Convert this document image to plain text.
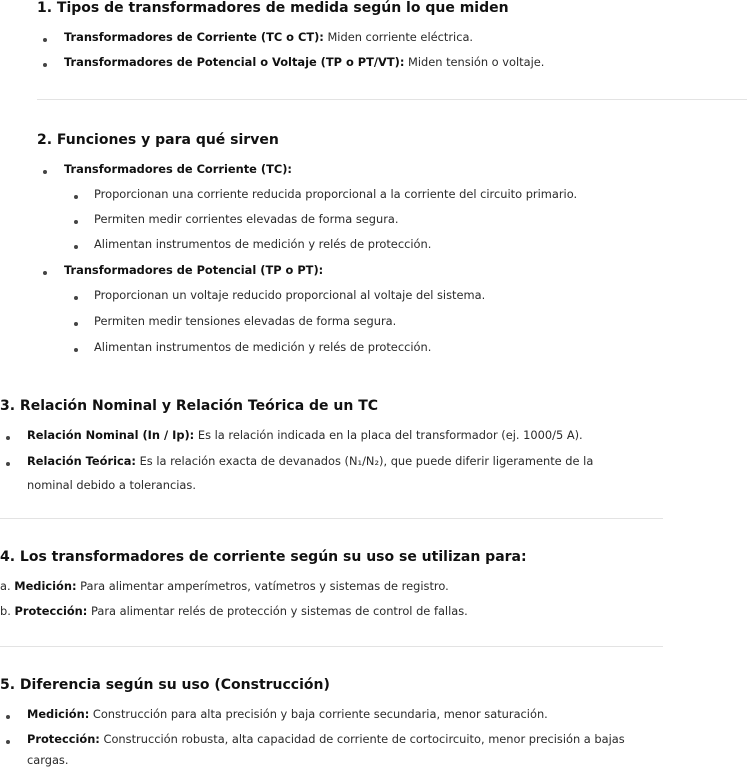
1. Tipos de transformadores de medida según lo que miden
Transformadores de Corriente (TC o CT): Miden corriente eléctrica.
Transformadores de Potencial o Voltaje (TP o PT/VT): Miden tensión o voltaje.
2. Funciones y para qué sirven
Transformadores de Corriente (TC):
Proporcionan una corriente reducida proporcional a la corriente del circuito primario.
Permiten medir corrientes elevadas de forma segura.
Alimentan instrumentos de medición y relés de protección.
Transformadores de Potencial (TP o PT):
Proporcionan un voltaje reducido proporcional al voltaje del sistema.
Permiten medir tensiones elevadas de forma segura.
Alimentan instrumentos de medición y relés de protección.
3. Relación Nominal y Relación Teórica de un TC
Relación Nominal (In / Ip): Es la relación indicada en la placa del transformador (ej. 1000/5 A).
Relación Teórica: Es la relación exacta de devanados (N₁/N₂), que puede diferir ligeramente de la
nominal debido a tolerancias.
4. Los transformadores de corriente según su uso se utilizan para:
a. Medición: Para alimentar amperímetros, vatímetros y sistemas de registro.
b. Protección: Para alimentar relés de protección y sistemas de control de fallas.
5. Diferencia según su uso (Construcción)
Medición: Construcción para alta precisión y baja corriente secundaria, menor saturación.
Protección: Construcción robusta, alta capacidad de corriente de cortocircuito, menor precisión a bajas
cargas.
